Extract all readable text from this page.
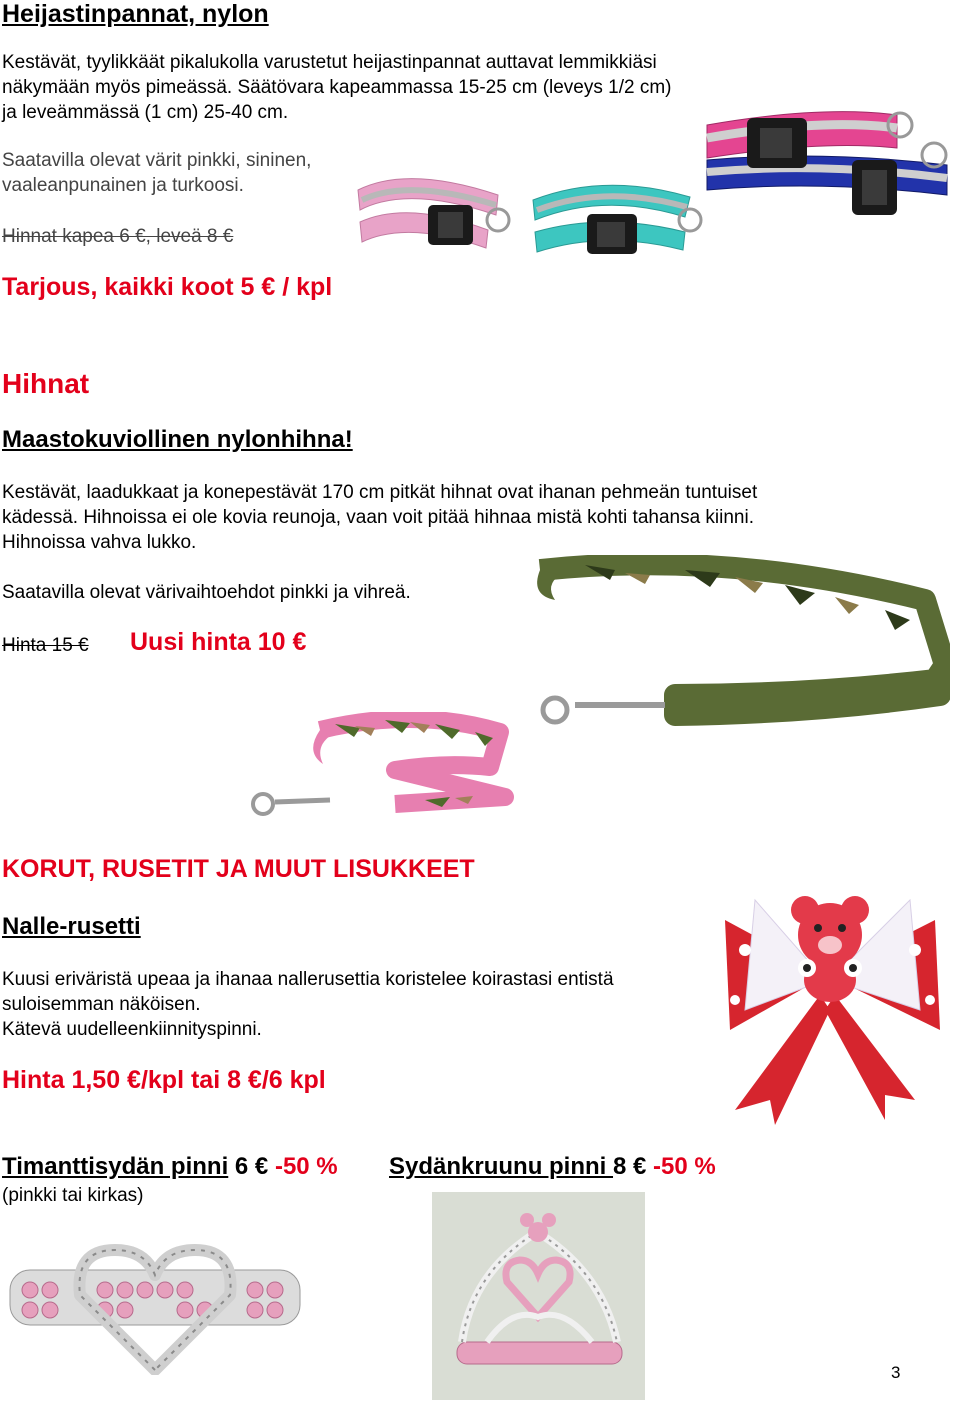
Heijastinpannat, nylon
Kestävät, tyylikkäät pikalukolla varustetut heijastinpannat auttavat lemmikkiäsi
näkymään myös pimeässä. Säätövara kapeammassa 15-25 cm (leveys 1/2 cm)
ja leveämmässä (1 cm) 25-40 cm.
Saatavilla olevat värit pinkki, sininen,
vaaleanpunainen ja turkoosi.
Hinnat kapea 6 €, leveä 8 €
Tarjous, kaikki koot 5 € / kpl
Hihnat
Maastokuviollinen nylonhihna!
Kestävät, laadukkaat ja konepestävät 170 cm pitkät hihnat ovat ihanan pehmeän tuntuiset
kädessä. Hihnoissa ei ole kovia reunoja, vaan voit pitää hihnaa mistä kohti tahansa kiinni.
Hihnoissa vahva lukko.
Saatavilla olevat värivaihtoehdot pinkki ja vihreä.
Hinta 15 € Uusi hinta 10 €
KORUT, RUSETIT JA MUUT LISUKKEET
Nalle-rusetti
Kuusi eriväristä upeaa ja ihanaa nallerusettia koristelee koirastasi entistä
suloisemman näköisen.
Kätevä uudelleenkiinnityspinni.
Hinta 1,50 €/kpl tai 8 €/6 kpl
Timanttisydän pinni 6 € -50 %
(pinkki tai kirkas)
Sydänkruunu pinni 8 € -50 %
3
